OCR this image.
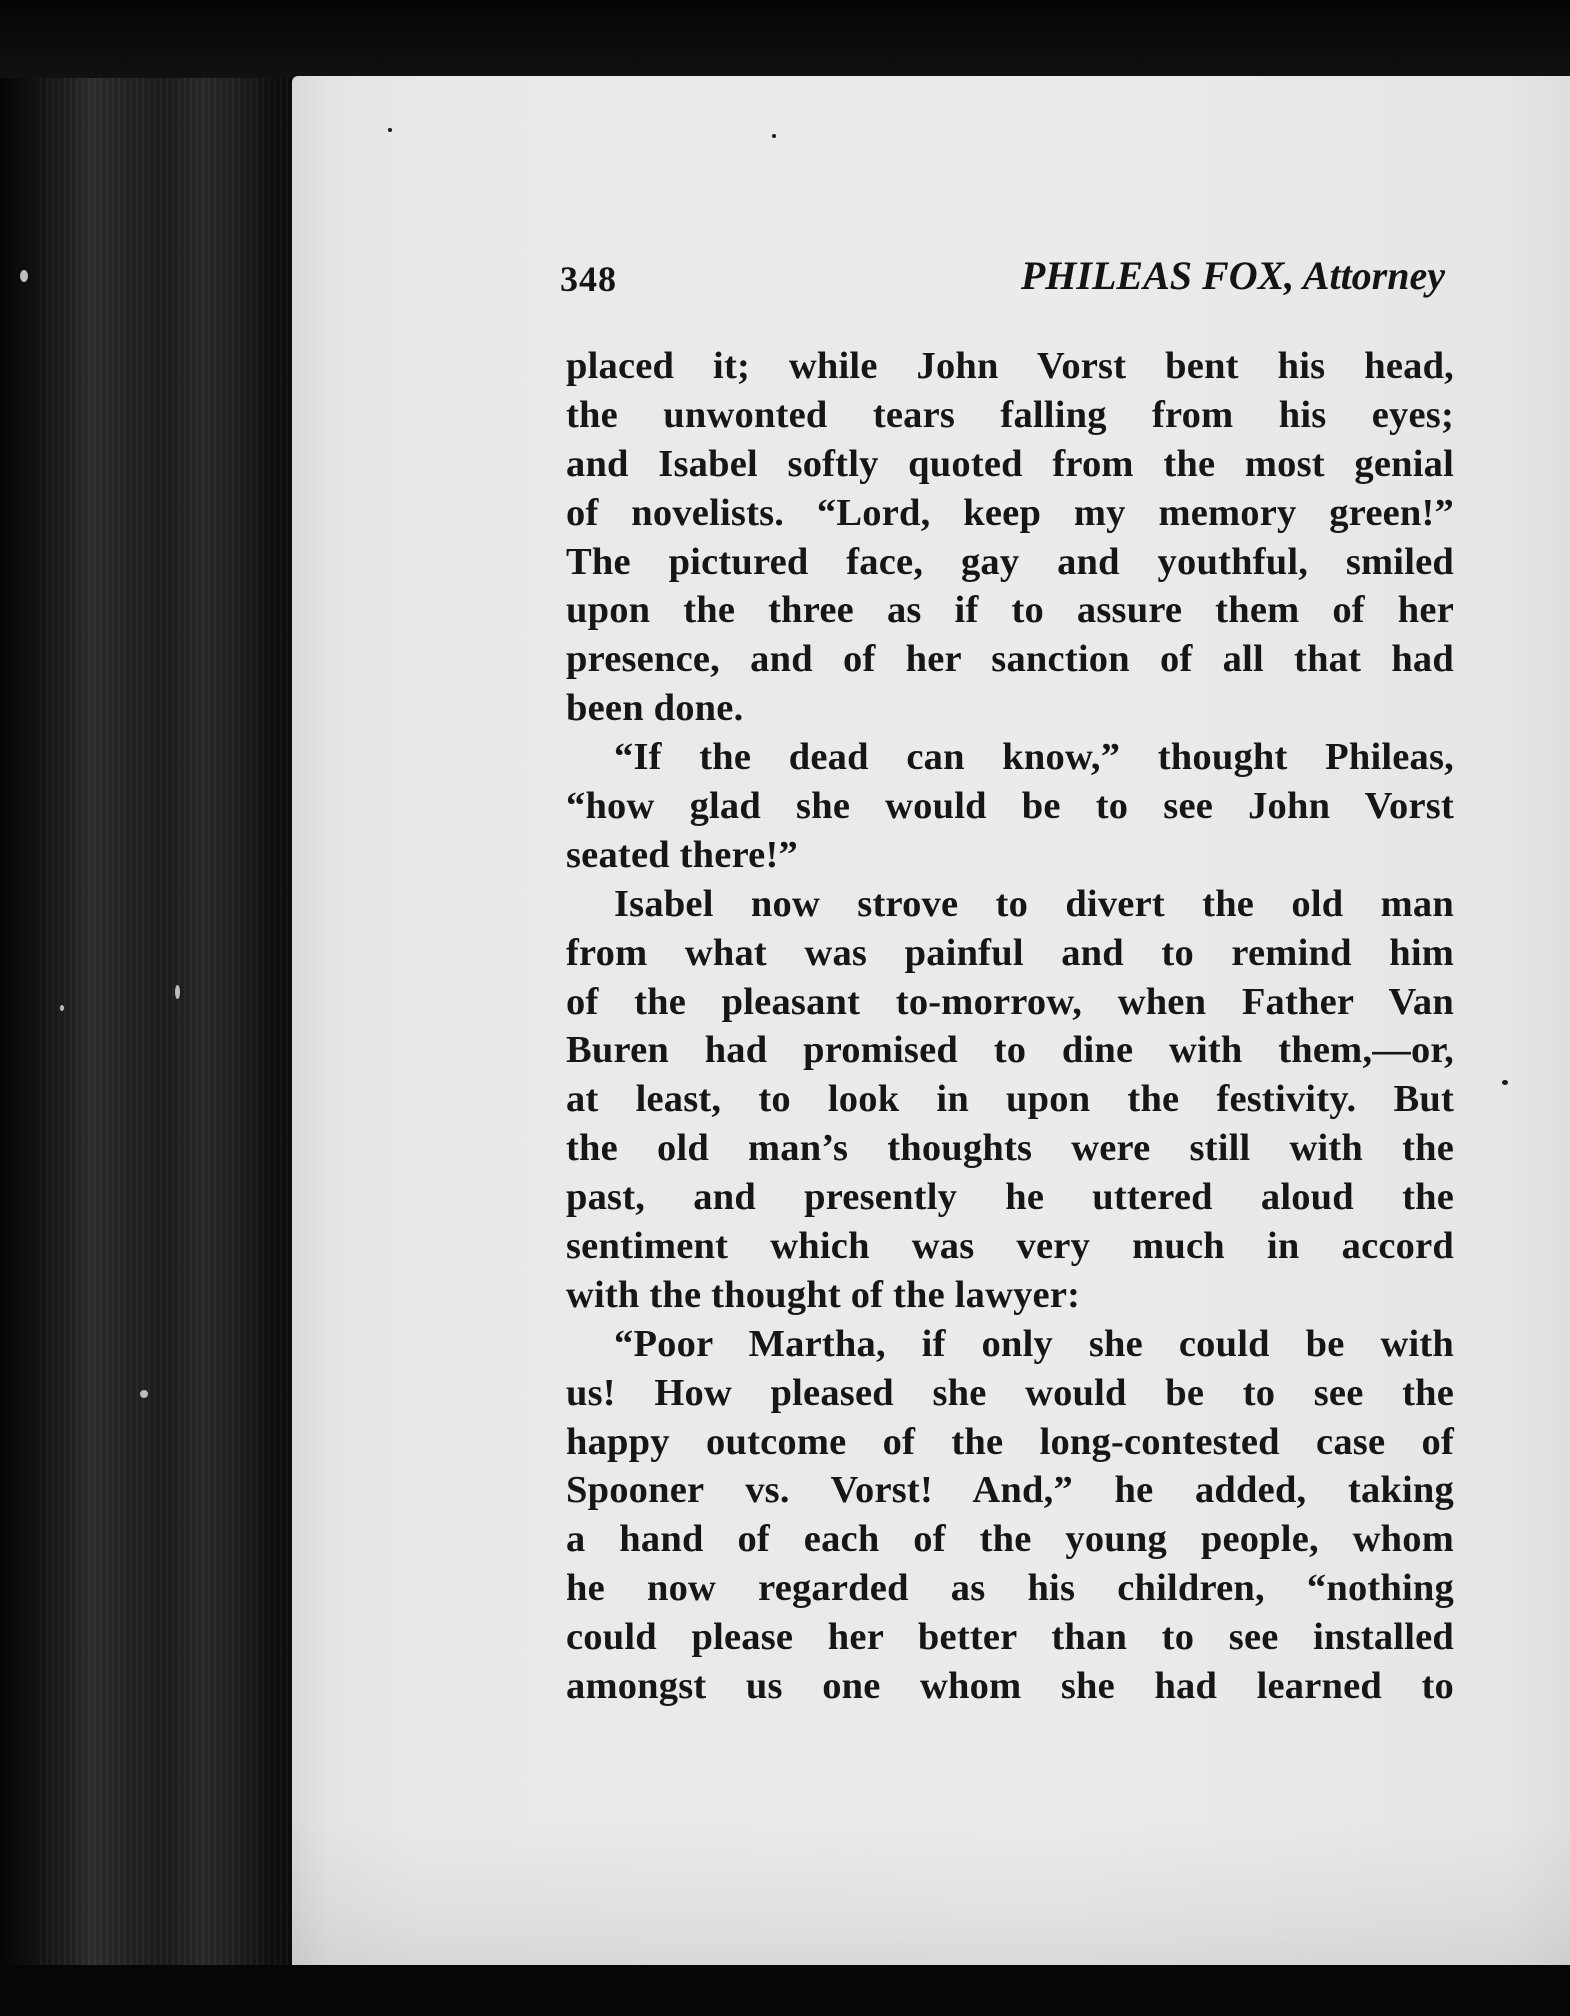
348	PHILEAS FOX, Attorney
placed it; while John Vorst bent his head,
the unwonted tears falling from his eyes;
and Isabel softly quoted from the most genial
of novelists. “Lord, keep my memory green!”
The pictured face, gay and youthful, smiled
upon the three as if to assure them of her
presence, and of her sanction of all that had
been done.
“If the dead can know,” thought Phileas,
“how glad she would be to see John Vorst
seated there!”
Isabel now strove to divert the old man
from what was painful and to remind him
of the pleasant to-morrow, when Father Van
Buren had promised to dine with them,—or,
at least, to look in upon the festivity. But
the old man’s thoughts were still with the
past, and presently he uttered aloud the
sentiment which was very much in accord
with the thought of the lawyer:
“Poor Martha, if only she could be with
us! How pleased she would be to see the
happy outcome of the long-contested case of
Spooner vs. Vorst! And,” he added, taking
a hand of each of the young people, whom
he now regarded as his children, “nothing
could please her better than to see installed
amongst us one whom she had learned to
